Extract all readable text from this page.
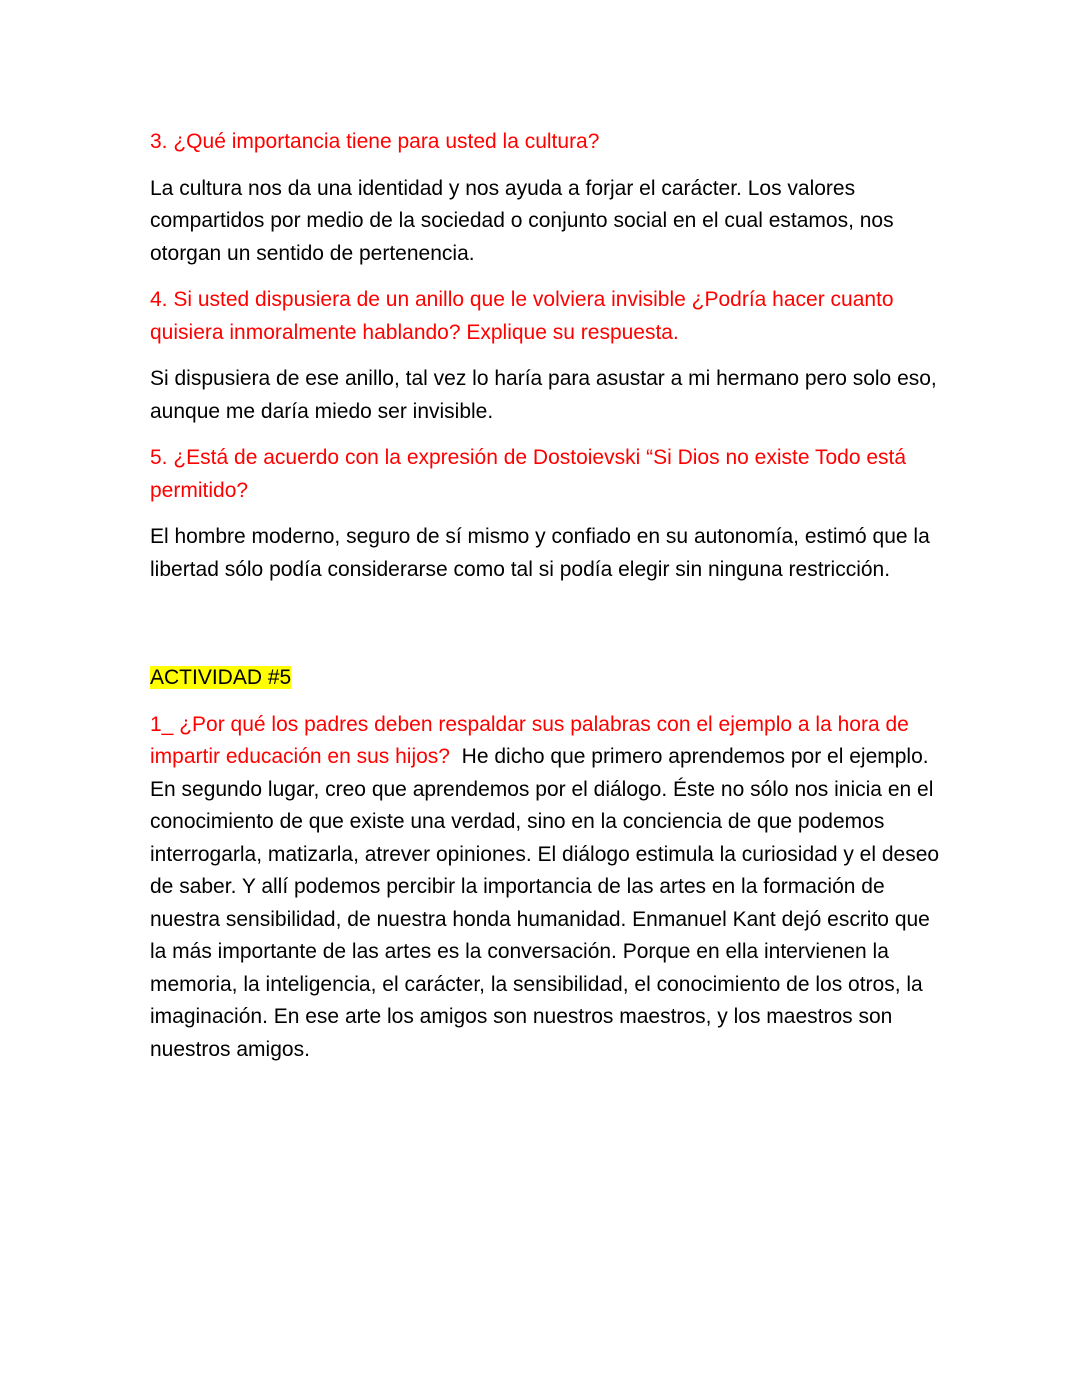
3. ¿Qué importancia tiene para usted la cultura?

La cultura nos da una identidad y nos ayuda a forjar el carácter. Los valores compartidos por medio de la sociedad o conjunto social en el cual estamos, nos otorgan un sentido de pertenencia.

4. Si usted dispusiera de un anillo que le volviera invisible ¿Podría hacer cuanto quisiera inmoralmente hablando? Explique su respuesta.

Si dispusiera de ese anillo, tal vez lo haría para asustar a mi hermano pero solo eso, aunque me daría miedo ser invisible.

5. ¿Está de acuerdo con la expresión de Dostoievski “Si Dios no existe Todo está permitido?

El hombre moderno, seguro de sí mismo y confiado en su autonomía, estimó que la libertad sólo podía considerarse como tal si podía elegir sin ninguna restricción.

ACTIVIDAD #5

1_ ¿Por qué los padres deben respaldar sus palabras con el ejemplo a la hora de impartir educación en sus hijos? He dicho que primero aprendemos por el ejemplo. En segundo lugar, creo que aprendemos por el diálogo. Éste no sólo nos inicia en el conocimiento de que existe una verdad, sino en la conciencia de que podemos interrogarla, matizarla, atrever opiniones. El diálogo estimula la curiosidad y el deseo de saber. Y allí podemos percibir la importancia de las artes en la formación de nuestra sensibilidad, de nuestra honda humanidad. Enmanuel Kant dejó escrito que la más importante de las artes es la conversación. Porque en ella intervienen la memoria, la inteligencia, el carácter, la sensibilidad, el conocimiento de los otros, la imaginación. En ese arte los amigos son nuestros maestros, y los maestros son nuestros amigos.
